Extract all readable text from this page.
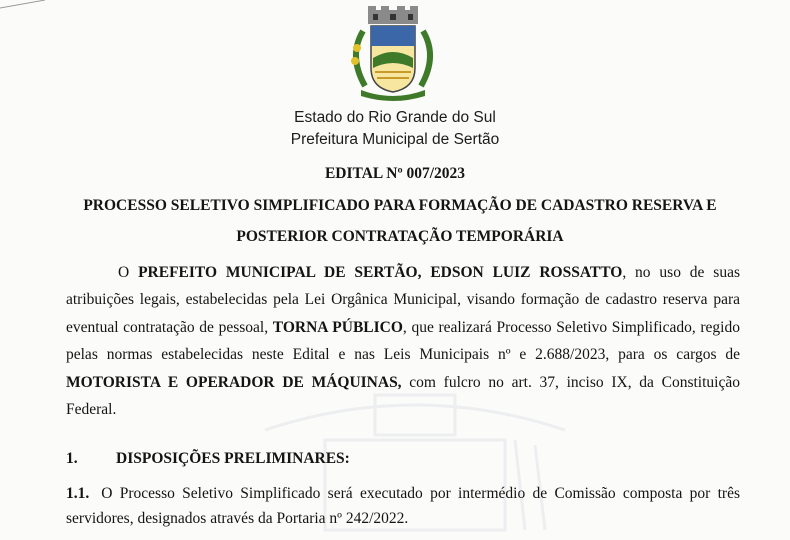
Estado do Rio Grande do Sul
Prefeitura Municipal de Sertão
EDITAL Nº 007/2023
PROCESSO SELETIVO SIMPLIFICADO PARA FORMAÇÃO DE CADASTRO RESERVA E
POSTERIOR CONTRATAÇÃO TEMPORÁRIA
O PREFEITO MUNICIPAL DE SERTÃO, EDSON LUIZ ROSSATTO, no uso de suas atribuições legais, estabelecidas pela Lei Orgânica Municipal, visando formação de cadastro reserva para eventual contratação de pessoal, TORNA PÚBLICO, que realizará Processo Seletivo Simplificado, regido pelas normas estabelecidas neste Edital e nas Leis Municipais nº e 2.688/2023, para os cargos de MOTORISTA E OPERADOR DE MÁQUINAS, com fulcro no art. 37, inciso IX, da Constituição Federal.
1. DISPOSIÇÕES PRELIMINARES:
1.1. O Processo Seletivo Simplificado será executado por intermédio de Comissão composta por três servidores, designados através da Portaria nº 242/2022.
